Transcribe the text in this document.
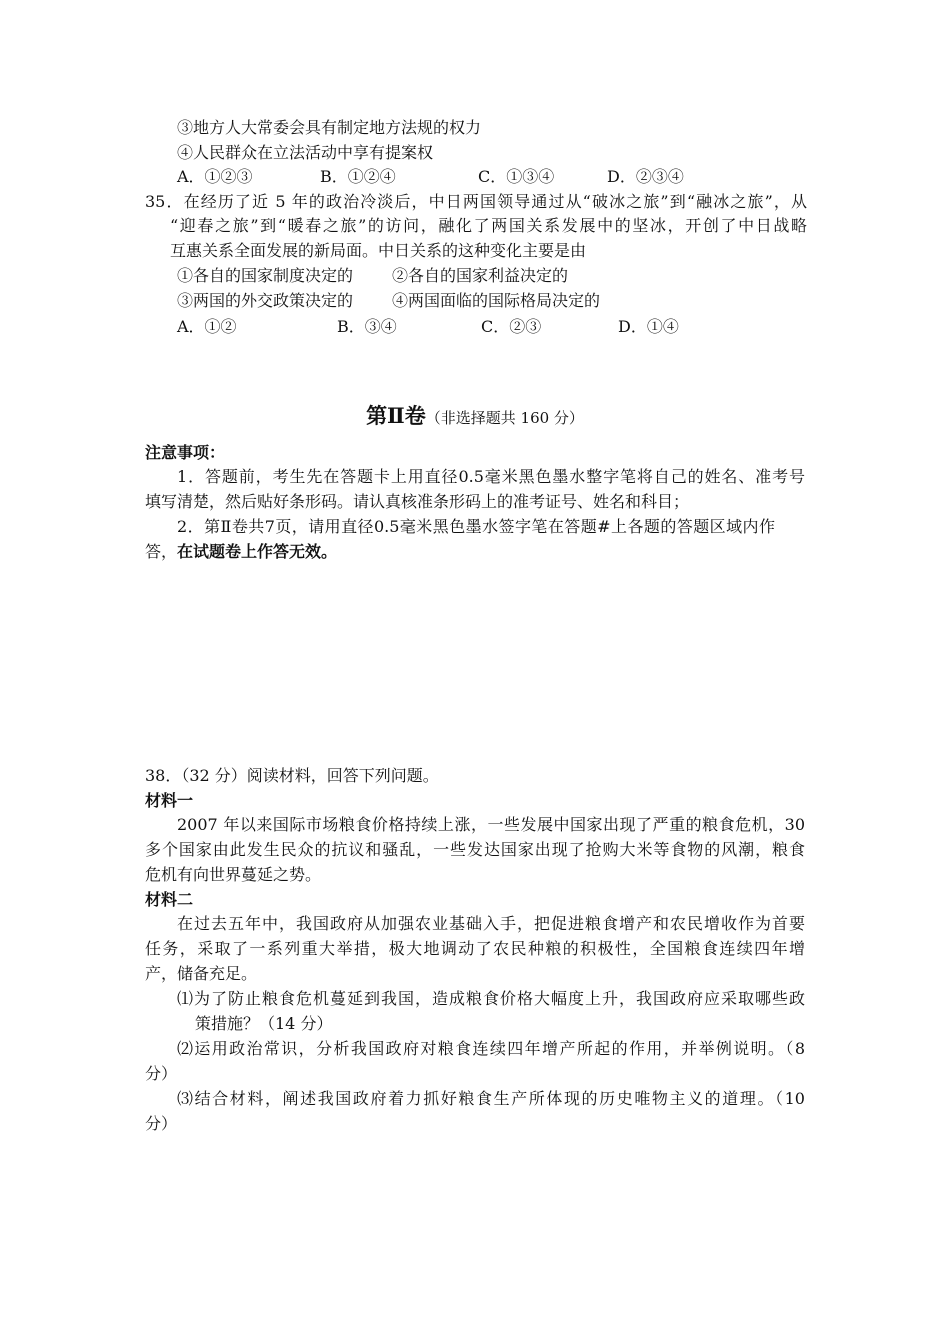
③地方人大常委会具有制定地方法规的权力
④人民群众在立法活动中享有提案权
A．①②③	B．①②④	C．①③④	D．②③④
35．在经历了近 5 年的政治冷淡后，中日两国领导通过从“破冰之旅”到“融冰之旅”，从
“迎春之旅”到“暖春之旅”的访问，融化了两国关系发展中的坚冰，开创了中日战略
互惠关系全面发展的新局面。中日关系的这种变化主要是由
①各自的国家制度决定的 ②各自的国家利益决定的
③两国的外交政策决定的 ④两国面临的国际格局决定的
A．①②	B．③④	C．②③	D．①④
第Ⅱ卷（非选择题共 160 分）
注意事项：
1．答题前，考生先在答题卡上用直径0.5毫米黑色墨水整字笔将自己的姓名、准考号
填写清楚，然后贴好条形码。请认真核准条形码上的准考证号、姓名和科目；
2．第Ⅱ卷共7页，请用直径0.5毫米黑色墨水签字笔在答题#上各题的答题区域内作
答，在试题卷上作答无效。
38．（32 分）阅读材料，回答下列问题。
材料一
2007 年以来国际市场粮食价格持续上涨，一些发展中国家出现了严重的粮食危机，30
多个国家由此发生民众的抗议和骚乱，一些发达国家出现了抢购大米等食物的风潮，粮食
危机有向世界蔓延之势。
材料二
在过去五年中，我国政府从加强农业基础入手，把促进粮食增产和农民增收作为首要
任务，采取了一系列重大举措，极大地调动了农民种粮的积极性，全国粮食连续四年增
产，储备充足。
⑴为了防止粮食危机蔓延到我国，造成粮食价格大幅度上升，我国政府应采取哪些政
策措施？（14 分）
⑵运用政治常识，分析我国政府对粮食连续四年增产所起的作用，并举例说明。（8
分）
⑶结合材料，阐述我国政府着力抓好粮食生产所体现的历史唯物主义的道理。（10
分）
